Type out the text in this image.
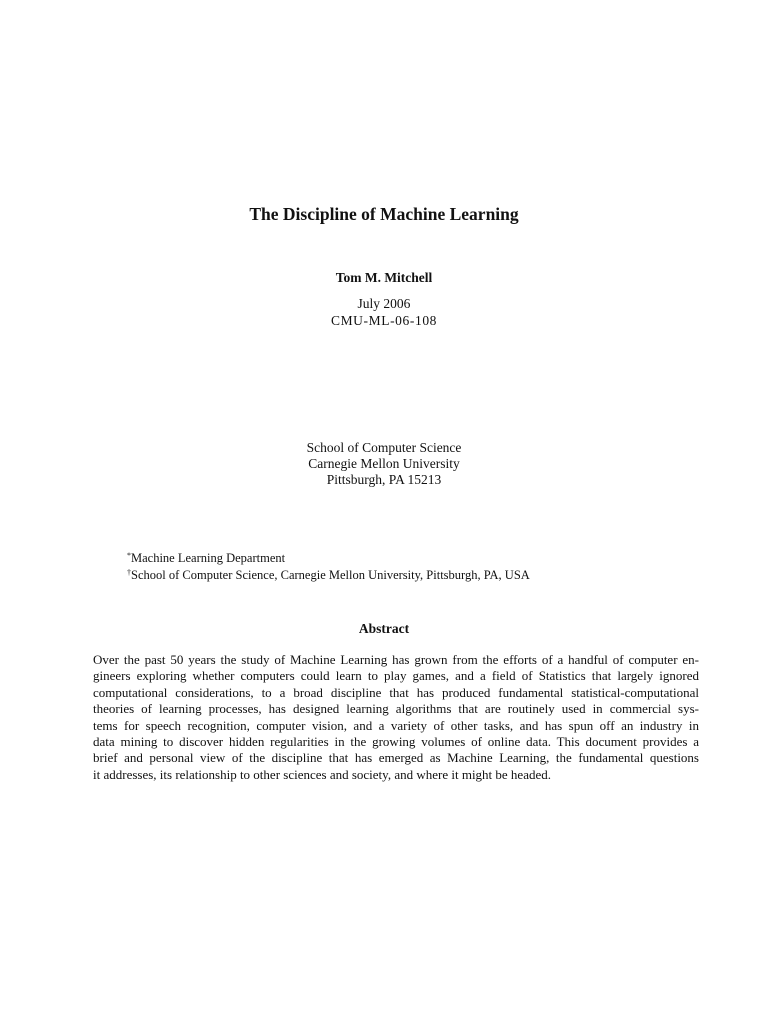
The Discipline of Machine Learning
Tom M. Mitchell
July 2006
CMU-ML-06-108
School of Computer Science
Carnegie Mellon University
Pittsburgh, PA 15213
*Machine Learning Department
†School of Computer Science, Carnegie Mellon University, Pittsburgh, PA, USA
Abstract
Over the past 50 years the study of Machine Learning has grown from the efforts of a handful of computer en-
gineers exploring whether computers could learn to play games, and a field of Statistics that largely ignored
computational considerations, to a broad discipline that has produced fundamental statistical-computational
theories of learning processes, has designed learning algorithms that are routinely used in commercial sys-
tems for speech recognition, computer vision, and a variety of other tasks, and has spun off an industry in
data mining to discover hidden regularities in the growing volumes of online data. This document provides a
brief and personal view of the discipline that has emerged as Machine Learning, the fundamental questions
it addresses, its relationship to other sciences and society, and where it might be headed.
